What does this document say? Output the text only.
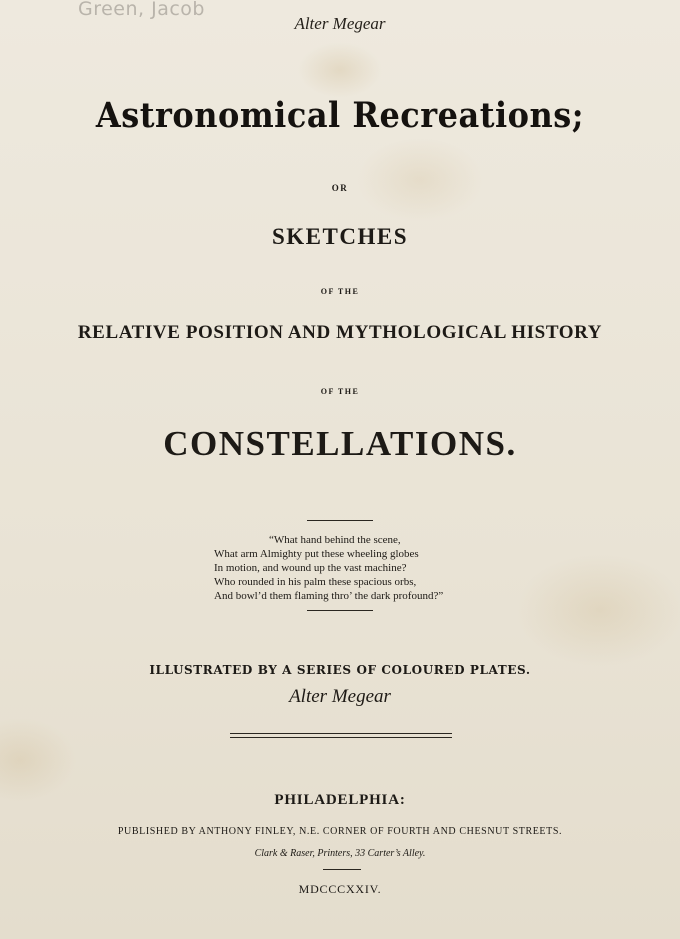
Green, Jacob
Alter Megear
Astronomical Recreations;
OR
SKETCHES
OF THE
RELATIVE POSITION AND MYTHOLOGICAL HISTORY
OF THE
CONSTELLATIONS.
“What hand behind the scene,
What arm Almighty put these wheeling globes
In motion, and wound up the vast machine?
Who rounded in his palm these spacious orbs,
And bowl’d them flaming thro’ the dark profound?”
ILLUSTRATED BY A SERIES OF COLOURED PLATES.
Alter Megear
PHILADELPHIA:
PUBLISHED BY ANTHONY FINLEY, N.E. CORNER OF FOURTH AND CHESNUT STREETS.
Clark & Raser, Printers, 33 Carter’s Alley.
MDCCCXXIV.
